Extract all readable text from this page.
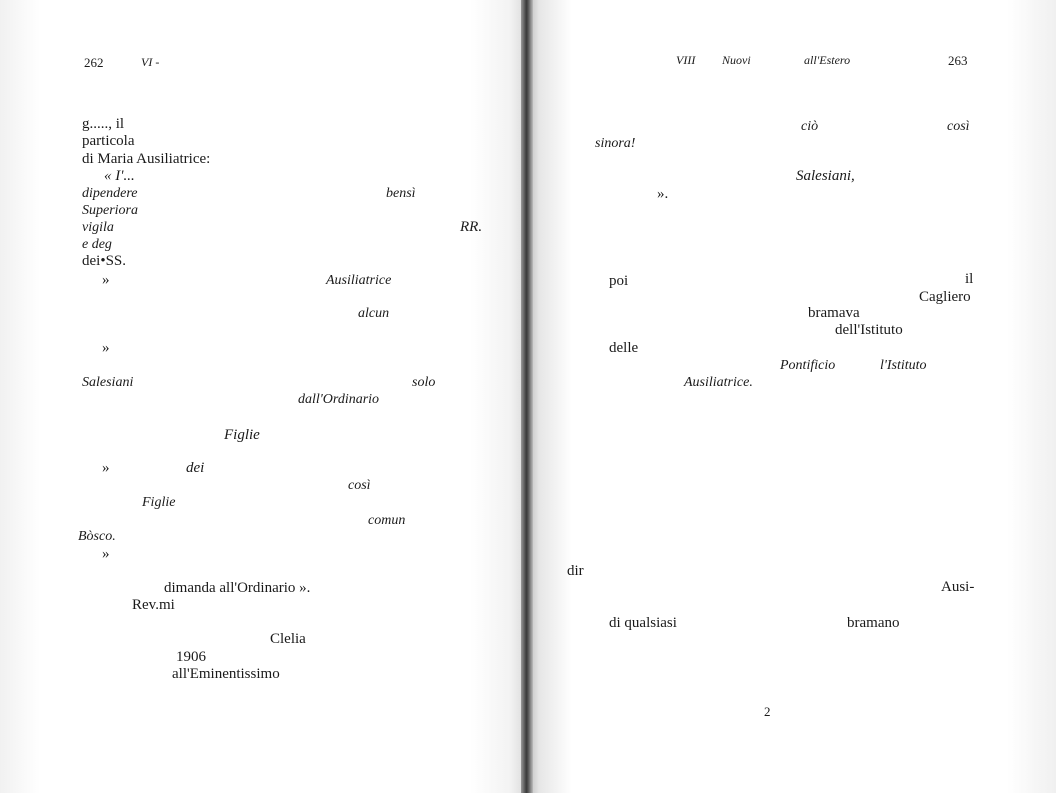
262	VI -
g....., il
particola
di Maria Ausiliatrice:
« I'...
dipendere	bensì
Superiora
vigila	RR.
e deg
dei•SS.
»	Ausiliatrice
alcun
»
Salesiani	solo
dall'Ordinario
Figlie
»	dei
così
Figlie
comun
Bòsco.
»
dimanda all'Ordinario ».
Rev.mi
Clelia
1906
all'Eminentissimo
VIII Nuovi	all'Estero	263
ciò	così
sinora!
Salesiani,
».
poi	il
Cagliero
bramava
dell'Istituto
delle
Pontificio	l'Istituto
Ausiliatrice.
dir
Ausi-
di qualsiasi	bramano
2
